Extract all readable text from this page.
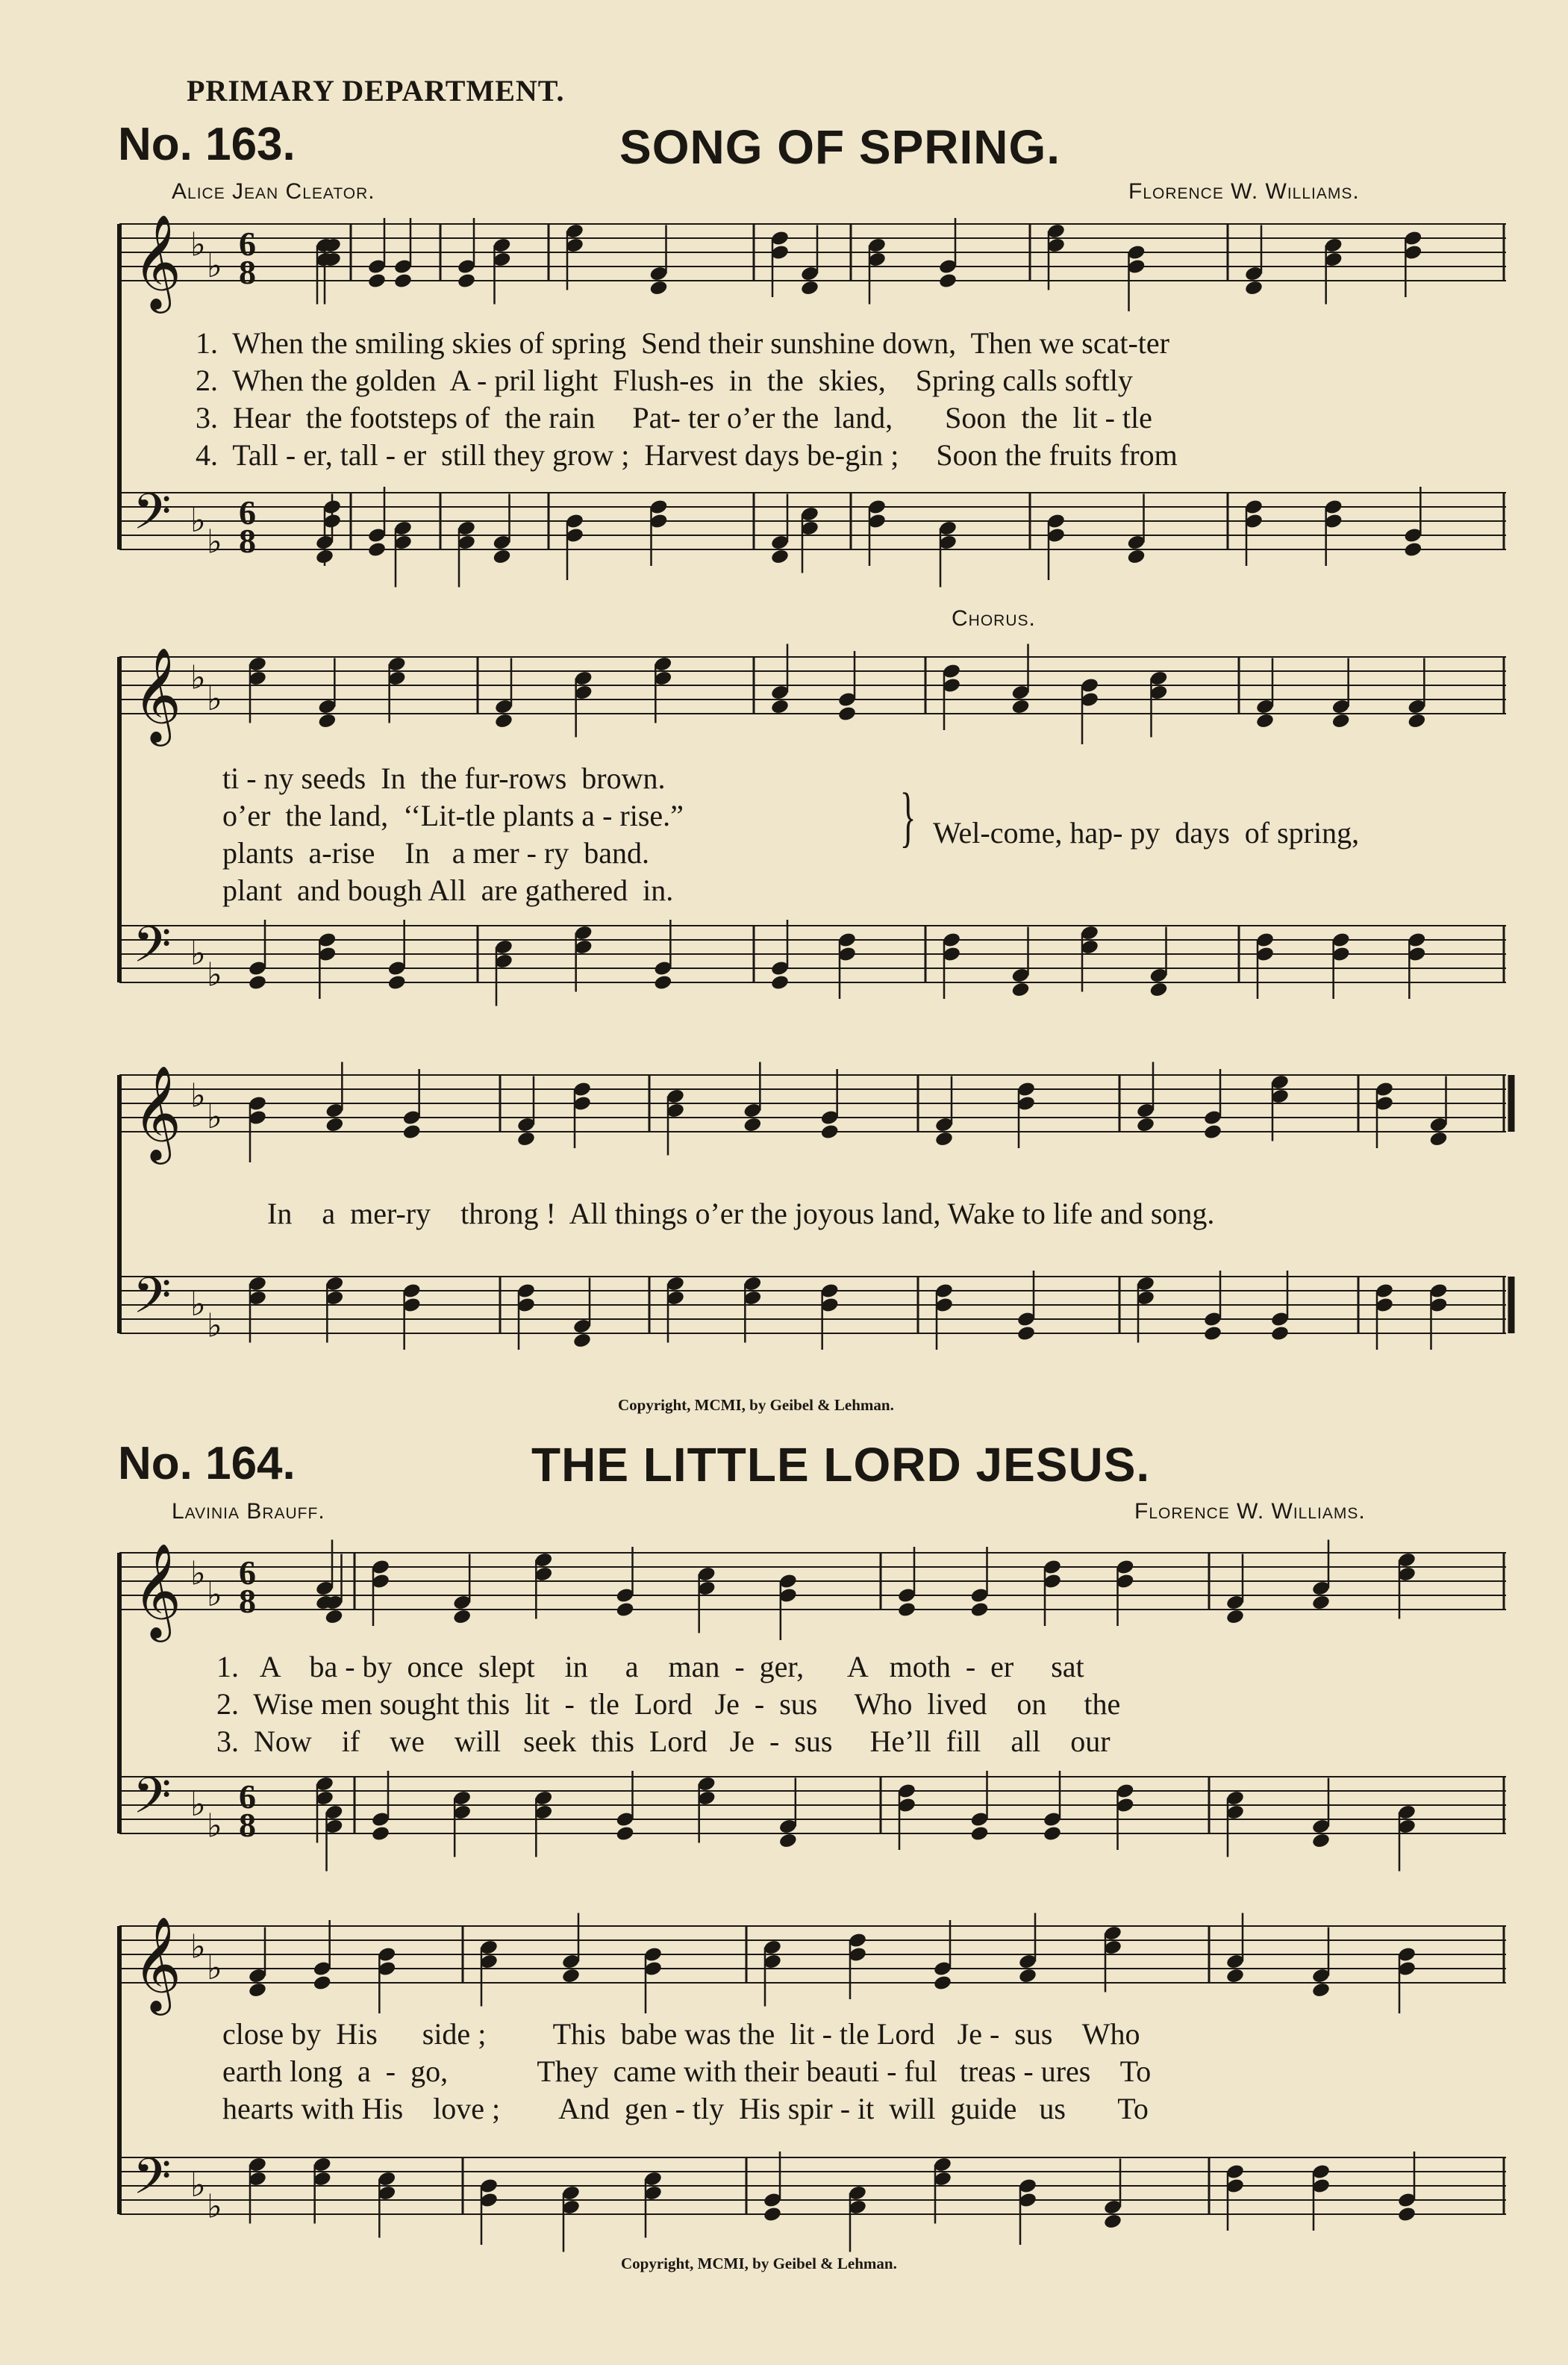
PRIMARY DEPARTMENT.
No. 163.	SONG OF SPRING.
Alice Jean Cleator.	Florence W. Williams.
𝄞 ♭
♭
6
8
𝄢 ♭
♭
6
8
1.  When the smiling skies of spring  Send their sunshine down,  Then we scat-ter
2.  When the golden  A - pril light  Flush-es  in  the  skies,    Spring calls softly
3.  Hear  the footsteps of  the rain     Pat- ter o’er the  land,       Soon  the  lit - tle
4.  Tall - er, tall - er  still they grow ;  Harvest days be-gin ;     Soon the fruits from
Chorus.
𝄞 ♭
♭
𝄢 ♭
♭
ti - ny seeds  In  the fur-rows  brown.
o’er  the land,  ‘‘Lit-tle plants a - rise.”
plants  a-rise    In   a mer - ry  band.
plant  and bough All  are gathered  in.
} Wel-come, hap- py  days  of spring,
𝄞 ♭
♭
𝄢 ♭
♭
In    a  mer-ry    throng !  All things o’er the joyous land, Wake to life and song.
Copyright, MCMI, by Geibel & Lehman.
No. 164.	THE LITTLE LORD JESUS.
Lavinia Brauff.	Florence W. Williams.
𝄞 ♭
♭
6
8
𝄢 ♭
♭
6
8
1.   A    ba - by  once  slept    in     a    man  -  ger,      A   moth  -  er     sat
2.  Wise men sought this  lit  -  tle  Lord   Je  -  sus     Who  lived    on     the
3.  Now    if    we    will   seek  this  Lord   Je  -  sus     He’ll  fill    all    our
𝄞 ♭
♭
𝄢 ♭
♭
close by  His      side ;         This  babe was the  lit - tle Lord   Je -  sus    Who
earth long  a  -  go,            They  came with their beauti - ful   treas - ures    To
hearts with His    love ;        And  gen - tly  His spir - it  will  guide   us       To
Copyright, MCMI, by Geibel & Lehman.
